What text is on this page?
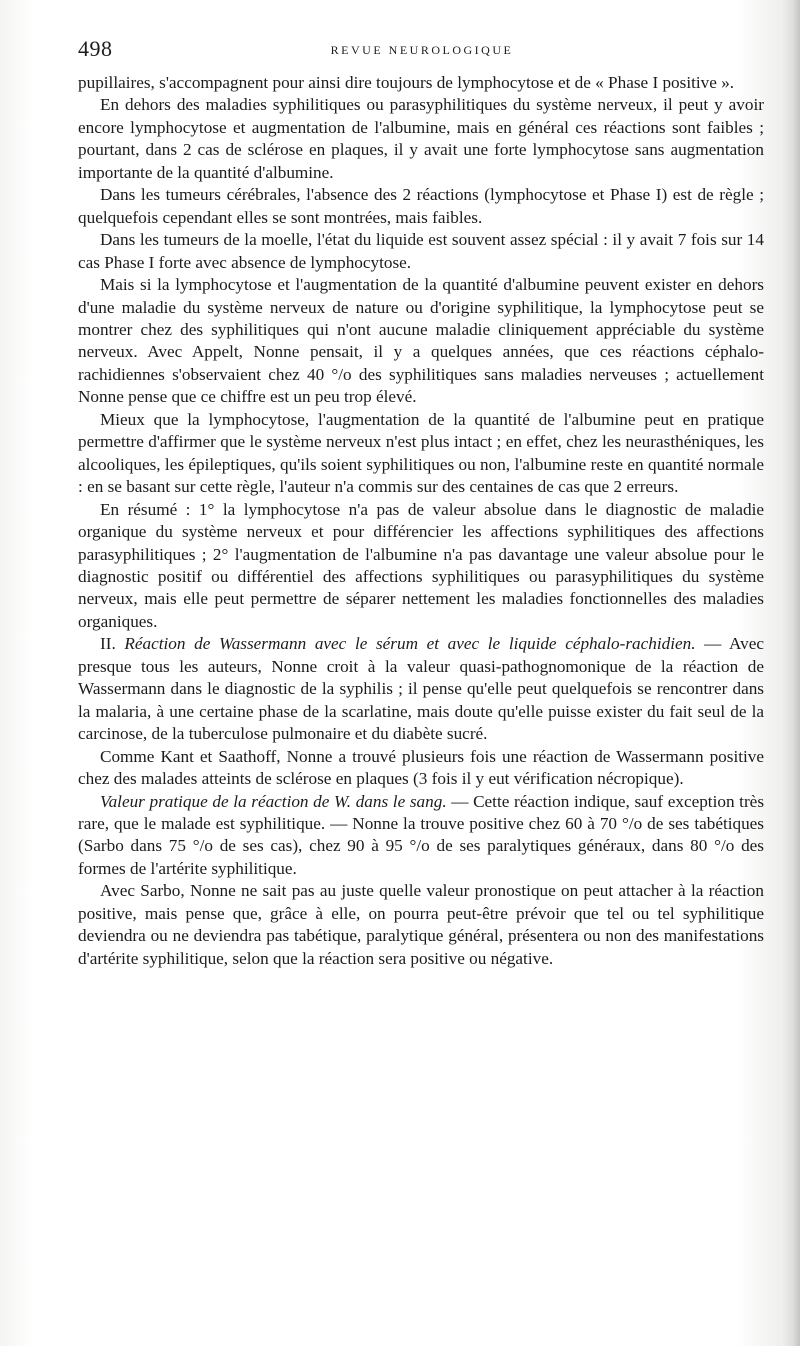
498	REVUE NEUROLOGIQUE

pupillaires, s'accompagnent pour ainsi dire toujours de lymphocytose et de « Phase I positive ».

En dehors des maladies syphilitiques ou parasyphilitiques du système nerveux, il peut y avoir encore lymphocytose et augmentation de l'albumine, mais en général ces réactions sont faibles ; pourtant, dans 2 cas de sclérose en plaques, il y avait une forte lymphocytose sans augmentation importante de la quantité d'albumine.

Dans les tumeurs cérébrales, l'absence des 2 réactions (lymphocytose et Phase I) est de règle ; quelquefois cependant elles se sont montrées, mais faibles.

Dans les tumeurs de la moelle, l'état du liquide est souvent assez spécial : il y avait 7 fois sur 14 cas Phase I forte avec absence de lymphocytose.

Mais si la lymphocytose et l'augmentation de la quantité d'albumine peuvent exister en dehors d'une maladie du système nerveux de nature ou d'origine syphilitique, la lymphocytose peut se montrer chez des syphilitiques qui n'ont aucune maladie cliniquement appréciable du système nerveux. Avec Appelt, Nonne pensait, il y a quelques années, que ces réactions céphalo-rachidiennes s'observaient chez 40 °/o des syphilitiques sans maladies nerveuses ; actuellement Nonne pense que ce chiffre est un peu trop élevé.

Mieux que la lymphocytose, l'augmentation de la quantité de l'albumine peut en pratique permettre d'affirmer que le système nerveux n'est plus intact ; en effet, chez les neurasthéniques, les alcooliques, les épileptiques, qu'ils soient syphilitiques ou non, l'albumine reste en quantité normale : en se basant sur cette règle, l'auteur n'a commis sur des centaines de cas que 2 erreurs.

En résumé : 1° la lymphocytose n'a pas de valeur absolue dans le diagnostic de maladie organique du système nerveux et pour différencier les affections syphilitiques des affections parasyphilitiques ; 2° l'augmentation de l'albumine n'a pas davantage une valeur absolue pour le diagnostic positif ou différentiel des affections syphilitiques ou parasyphilitiques du système nerveux, mais elle peut permettre de séparer nettement les maladies fonctionnelles des maladies organiques.

II. Réaction de Wassermann avec le sérum et avec le liquide céphalo-rachidien. — Avec presque tous les auteurs, Nonne croit à la valeur quasi-pathognomonique de la réaction de Wassermann dans le diagnostic de la syphilis ; il pense qu'elle peut quelquefois se rencontrer dans la malaria, à une certaine phase de la scarlatine, mais doute qu'elle puisse exister du fait seul de la carcinose, de la tuberculose pulmonaire et du diabète sucré.

Comme Kant et Saathoff, Nonne a trouvé plusieurs fois une réaction de Wassermann positive chez des malades atteints de sclérose en plaques (3 fois il y eut vérification nécropique).

Valeur pratique de la réaction de W. dans le sang. — Cette réaction indique, sauf exception très rare, que le malade est syphilitique. — Nonne la trouve positive chez 60 à 70 °/o de ses tabétiques (Sarbo dans 75 °/o de ses cas), chez 90 à 95 °/o de ses paralytiques généraux, dans 80 °/o des formes de l'artérite syphilitique.

Avec Sarbo, Nonne ne sait pas au juste quelle valeur pronostique on peut attacher à la réaction positive, mais pense que, grâce à elle, on pourra peut-être prévoir que tel ou tel syphilitique deviendra ou ne deviendra pas tabétique, paralytique général, présentera ou non des manifestations d'artérite syphilitique, selon que la réaction sera positive ou négative.
